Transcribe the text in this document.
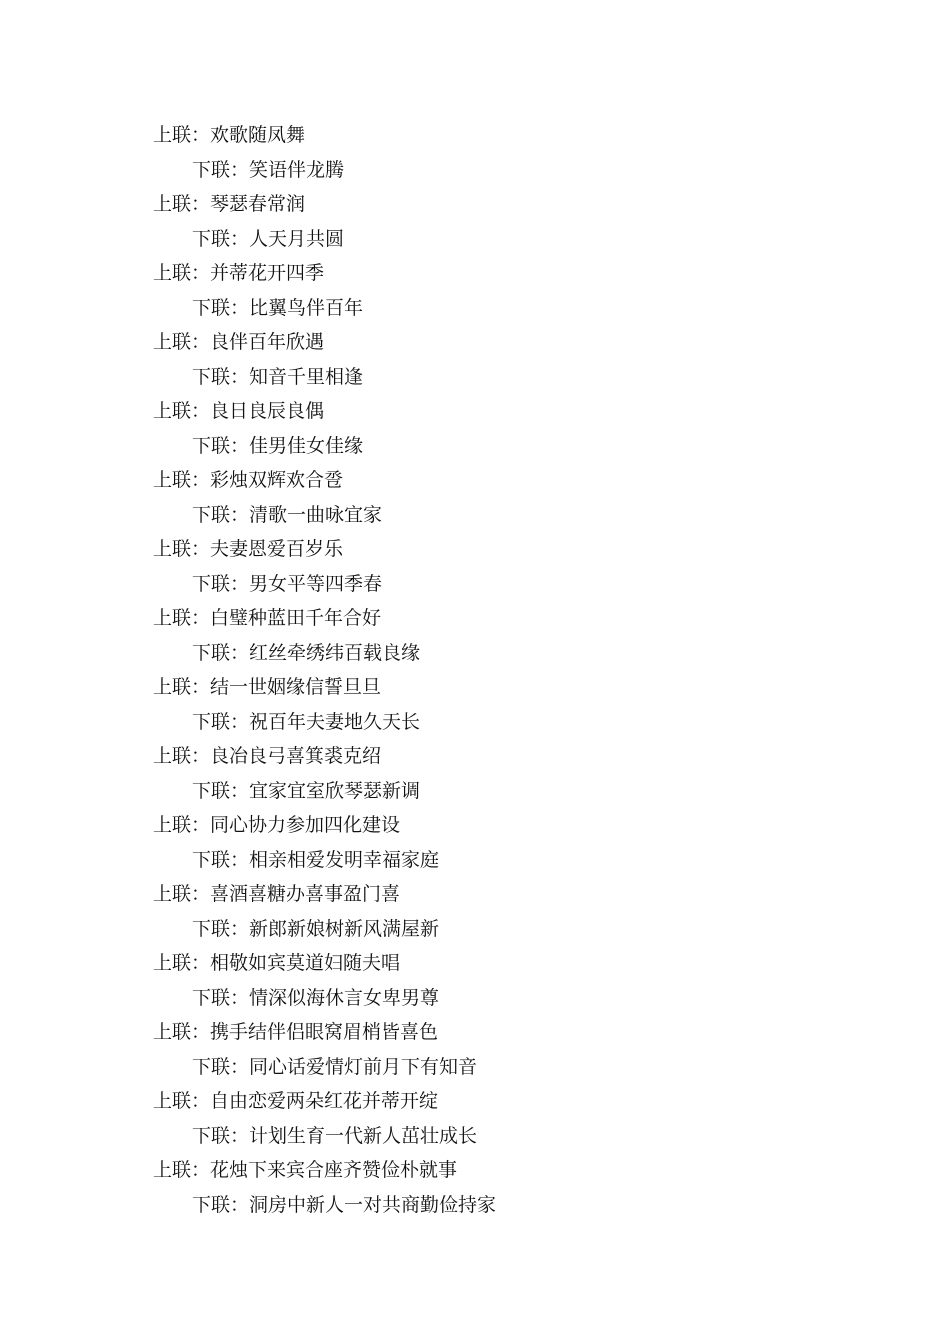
上联：欢歌随凤舞
下联：笑语伴龙腾
上联：琴瑟春常润
下联：人天月共圆
上联：并蒂花开四季
下联：比翼鸟伴百年
上联：良伴百年欣遇
下联：知音千里相逢
上联：良日良辰良偶
下联：佳男佳女佳缘
上联：彩烛双辉欢合卺
下联：清歌一曲咏宜家
上联：夫妻恩爱百岁乐
下联：男女平等四季春
上联：白璧种蓝田千年合好
下联：红丝牵绣纬百载良缘
上联：结一世姻缘信誓旦旦
下联：祝百年夫妻地久天长
上联：良冶良弓喜箕裘克绍
下联：宜家宜室欣琴瑟新调
上联：同心协力参加四化建设
下联：相亲相爱发明幸福家庭
上联：喜酒喜糖办喜事盈门喜
下联：新郎新娘树新风满屋新
上联：相敬如宾莫道妇随夫唱
下联：情深似海休言女卑男尊
上联：携手结伴侣眼窝眉梢皆喜色
下联：同心话爱情灯前月下有知音
上联：自由恋爱两朵红花并蒂开绽
下联：计划生育一代新人茁壮成长
上联：花烛下来宾合座齐赞俭朴就事
下联：洞房中新人一对共商勤俭持家
